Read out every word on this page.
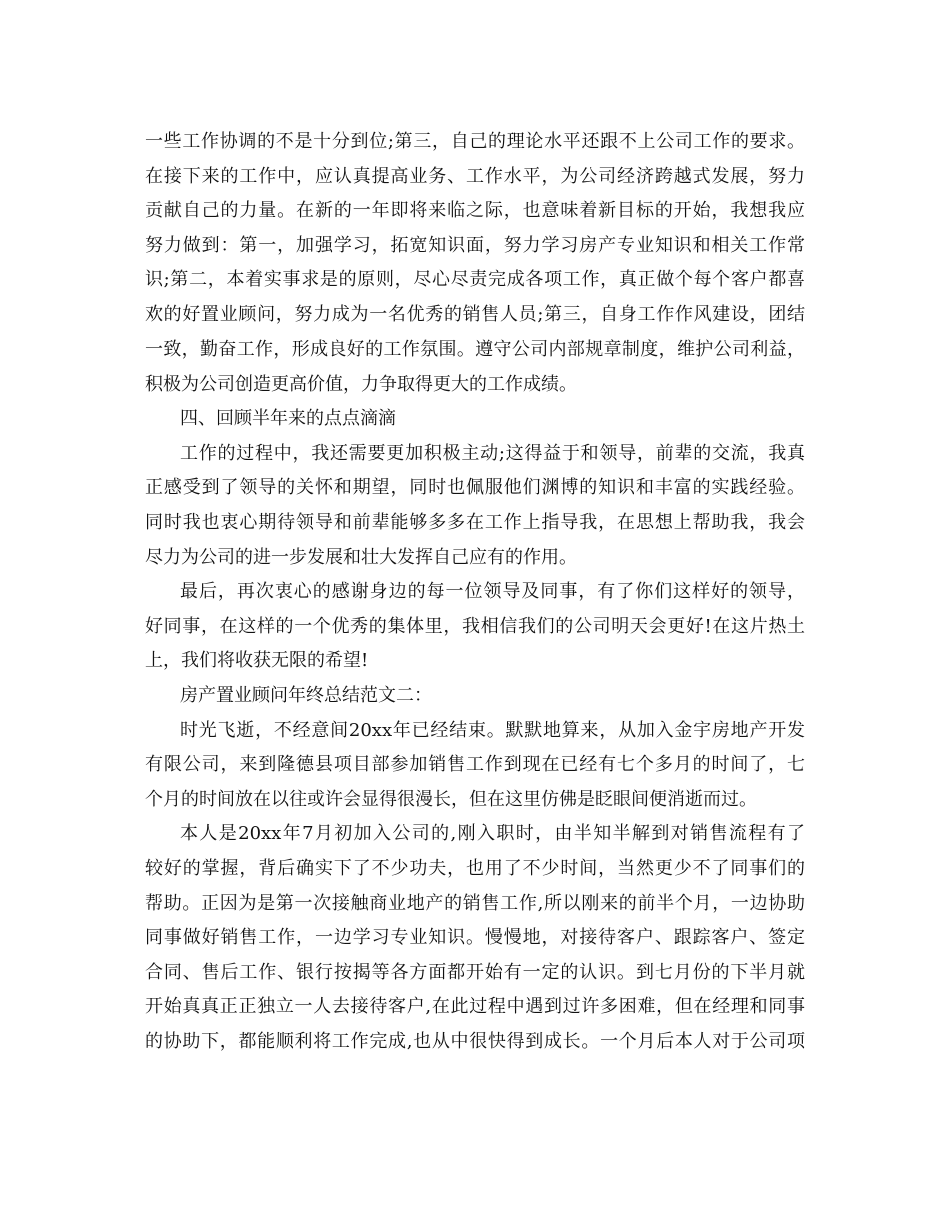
一些工作协调的不是十分到位;第三，自己的理论水平还跟不上公司工作的要求。
在接下来的工作中，应认真提高业务、工作水平，为公司经济跨越式发展，努力
贡献自己的力量。在新的一年即将来临之际，也意味着新目标的开始，我想我应
努力做到：第一，加强学习，拓宽知识面，努力学习房产专业知识和相关工作常
识;第二，本着实事求是的原则，尽心尽责完成各项工作，真正做个每个客户都喜
欢的好置业顾问，努力成为一名优秀的销售人员;第三，自身工作作风建设，团结
一致，勤奋工作，形成良好的工作氛围。遵守公司内部规章制度，维护公司利益，
积极为公司创造更高价值，力争取得更大的工作成绩。
四、回顾半年来的点点滴滴
工作的过程中，我还需要更加积极主动;这得益于和领导，前辈的交流，我真
正感受到了领导的关怀和期望，同时也佩服他们渊博的知识和丰富的实践经验。
同时我也衷心期待领导和前辈能够多多在工作上指导我，在思想上帮助我，我会
尽力为公司的进一步发展和壮大发挥自己应有的作用。
最后，再次衷心的感谢身边的每一位领导及同事，有了你们这样好的领导，
好同事，在这样的一个优秀的集体里，我相信我们的公司明天会更好!在这片热土
上，我们将收获无限的希望!
房产置业顾问年终总结范文二：
时光飞逝，不经意间20xx年已经结束。默默地算来，从加入金宇房地产开发
有限公司，来到隆德县项目部参加销售工作到现在已经有七个多月的时间了，七
个月的时间放在以往或许会显得很漫长，但在这里仿佛是眨眼间便消逝而过。
本人是20xx年7月初加入公司的,刚入职时，由半知半解到对销售流程有了
较好的掌握，背后确实下了不少功夫，也用了不少时间，当然更少不了同事们的
帮助。正因为是第一次接触商业地产的销售工作,所以刚来的前半个月，一边协助
同事做好销售工作，一边学习专业知识。慢慢地，对接待客户、跟踪客户、签定
合同、售后工作、银行按揭等各方面都开始有一定的认识。到七月份的下半月就
开始真真正正独立一人去接待客户,在此过程中遇到过许多困难，但在经理和同事
的协助下，都能顺利将工作完成,也从中很快得到成长。一个月后本人对于公司项
